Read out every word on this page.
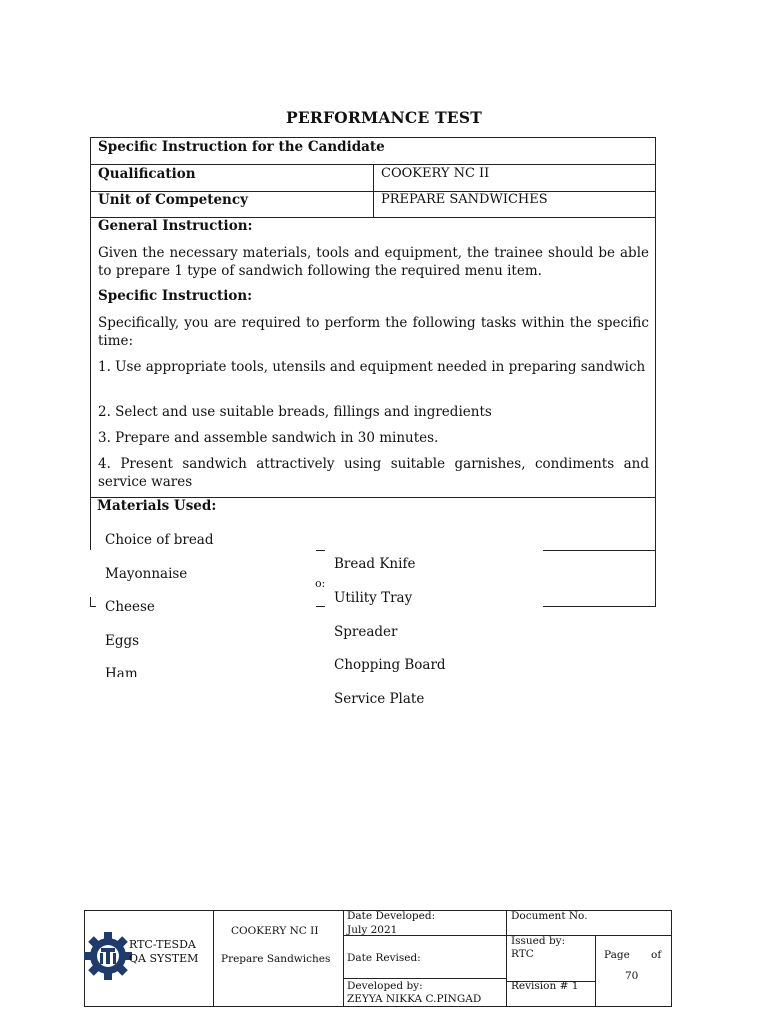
PERFORMANCE TEST
Specific Instruction for the Candidate
Qualification	COOKERY NC II
Unit of Competency	PREPARE SANDWICHES
General Instruction:
Given the necessary materials, tools and equipment, the trainee should be able to prepare 1 type of sandwich following the required menu item.
Specific Instruction:
Specifically, you are required to perform the following tasks within the specific time:
1. Use appropriate tools, utensils and equipment needed in preparing sandwich
2. Select and use suitable breads, fillings and ingredients
3. Prepare and assemble sandwich in 30 minutes.
4. Present sandwich attractively using suitable garnishes, condiments and service wares
Materials Used:
o:
Choice of bread
Mayonnaise
Cheese
Eggs
Ham
Bread Knife
Utility Tray
Spreader
Chopping Board
Service Plate
RTC-TESDA
QA SYSTEM
COOKERY NC II
Prepare Sandwiches
Date Developed:
July 2021
Date Revised:
Developed by:
ZEYYA NIKKA C.PINGAD
Document No.
Issued by:
RTC
Revision # 1
Page of
70
